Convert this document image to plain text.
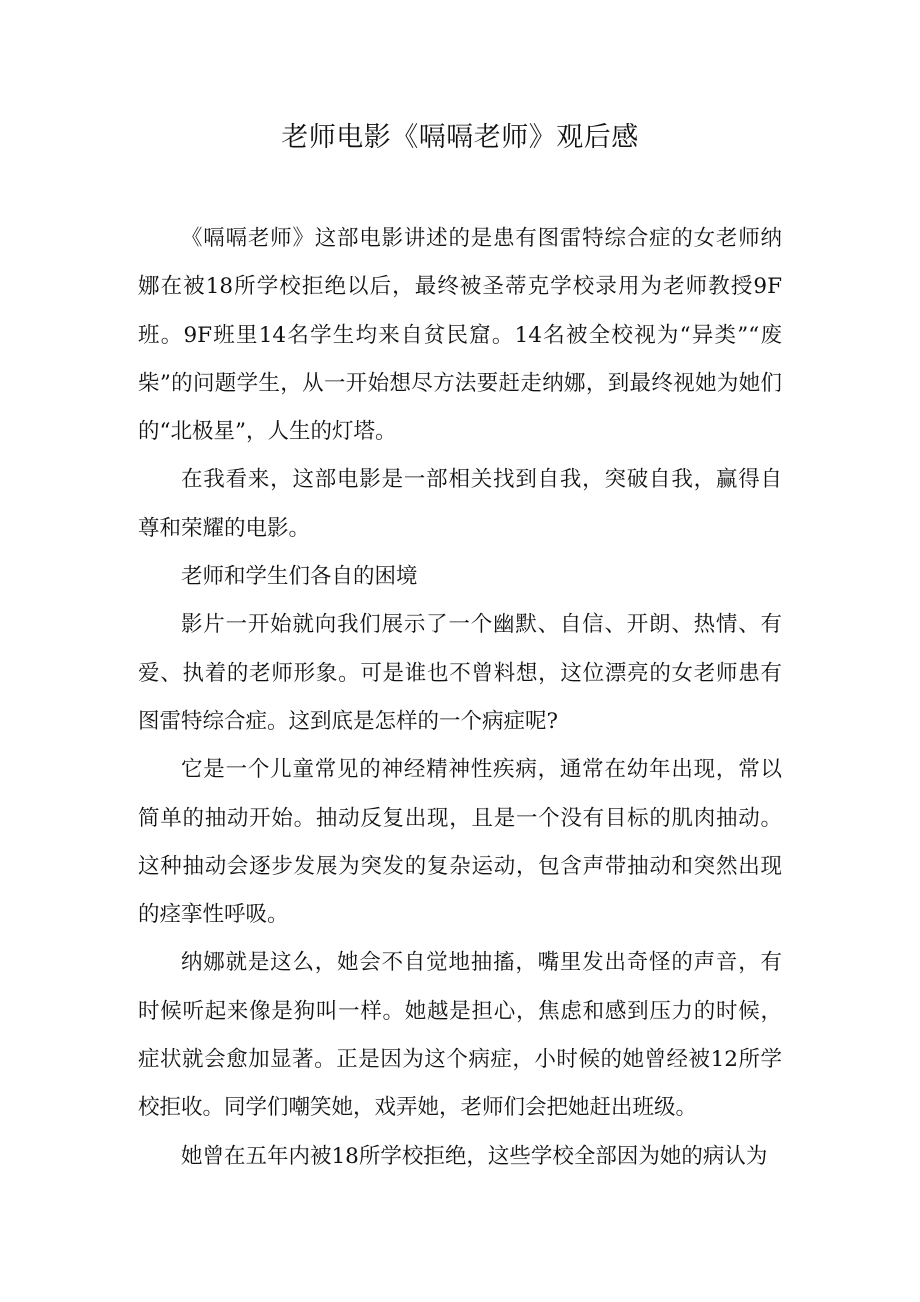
老师电影《嗝嗝老师》观后感

《嗝嗝老师》这部电影讲述的是患有图雷特综合症的女老师纳娜在被18所学校拒绝以后，最终被圣蒂克学校录用为老师教授9F班。9F班里14名学生均来自贫民窟。14名被全校视为“异类”“废柴”的问题学生，从一开始想尽方法要赶走纳娜，到最终视她为她们的“北极星”，人生的灯塔。

在我看来，这部电影是一部相关找到自我，突破自我，赢得自尊和荣耀的电影。

老师和学生们各自的困境

影片一开始就向我们展示了一个幽默、自信、开朗、热情、有爱、执着的老师形象。可是谁也不曾料想，这位漂亮的女老师患有图雷特综合症。这到底是怎样的一个病症呢?

它是一个儿童常见的神经精神性疾病，通常在幼年出现，常以简单的抽动开始。抽动反复出现，且是一个没有目标的肌肉抽动。这种抽动会逐步发展为突发的复杂运动，包含声带抽动和突然出现的痉挛性呼吸。

纳娜就是这么，她会不自觉地抽搐，嘴里发出奇怪的声音，有时候听起来像是狗叫一样。她越是担心，焦虑和感到压力的时候，症状就会愈加显著。正是因为这个病症，小时候的她曾经被12所学校拒收。同学们嘲笑她，戏弄她，老师们会把她赶出班级。

她曾在五年内被18所学校拒绝，这些学校全部因为她的病认为
